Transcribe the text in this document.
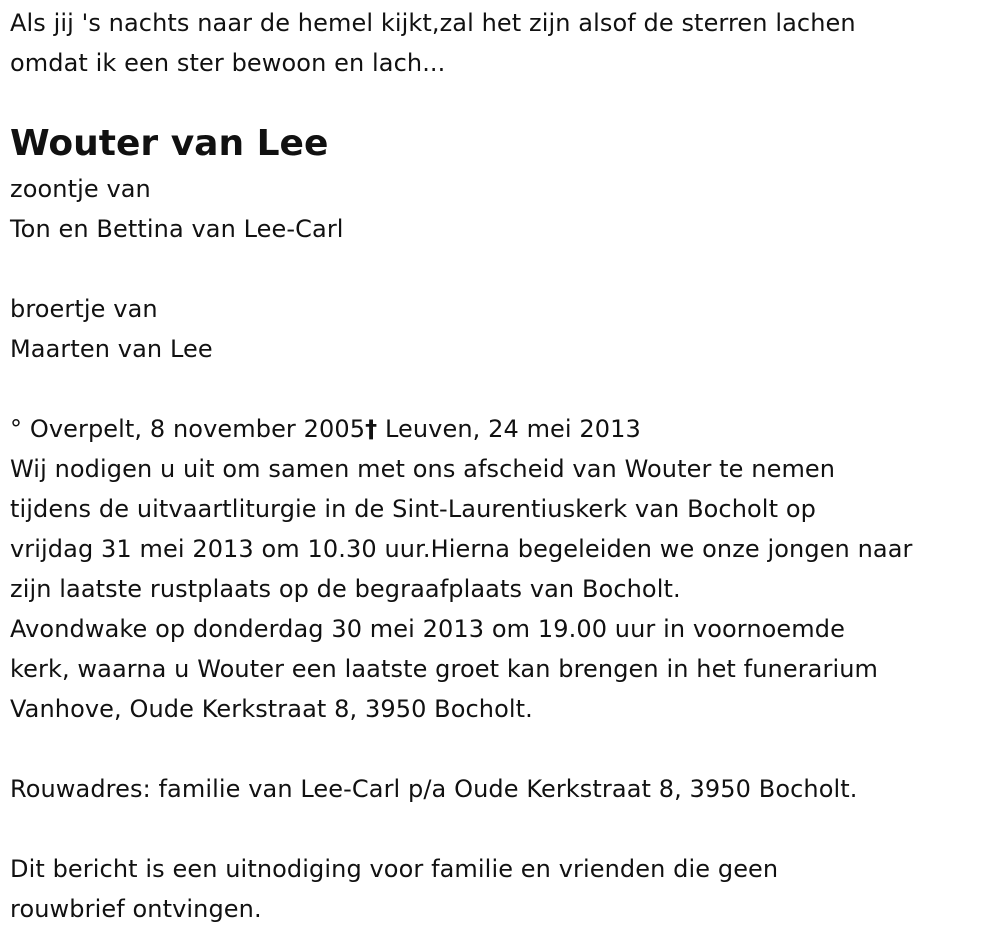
Als jij 's nachts naar de hemel kijkt,zal het zijn alsof de sterren lachen
omdat ik een ster bewoon en lach...
Wouter van Lee
zoontje van
Ton en Bettina van Lee-Carl
broertje van
Maarten van Lee
° Overpelt, 8 november 2005† Leuven, 24 mei 2013
Wij nodigen u uit om samen met ons afscheid van Wouter te nemen
tijdens de uitvaartliturgie in de Sint-Laurentiuskerk van Bocholt op
vrijdag 31 mei 2013 om 10.30 uur.Hierna begeleiden we onze jongen naar
zijn laatste rustplaats op de begraafplaats van Bocholt.
Avondwake op donderdag 30 mei 2013 om 19.00 uur in voornoemde
kerk, waarna u Wouter een laatste groet kan brengen in het funerarium
Vanhove, Oude Kerkstraat 8, 3950 Bocholt.
Rouwadres: familie van Lee-Carl p/a Oude Kerkstraat 8, 3950 Bocholt.
Dit bericht is een uitnodiging voor familie en vrienden die geen
rouwbrief ontvingen.
